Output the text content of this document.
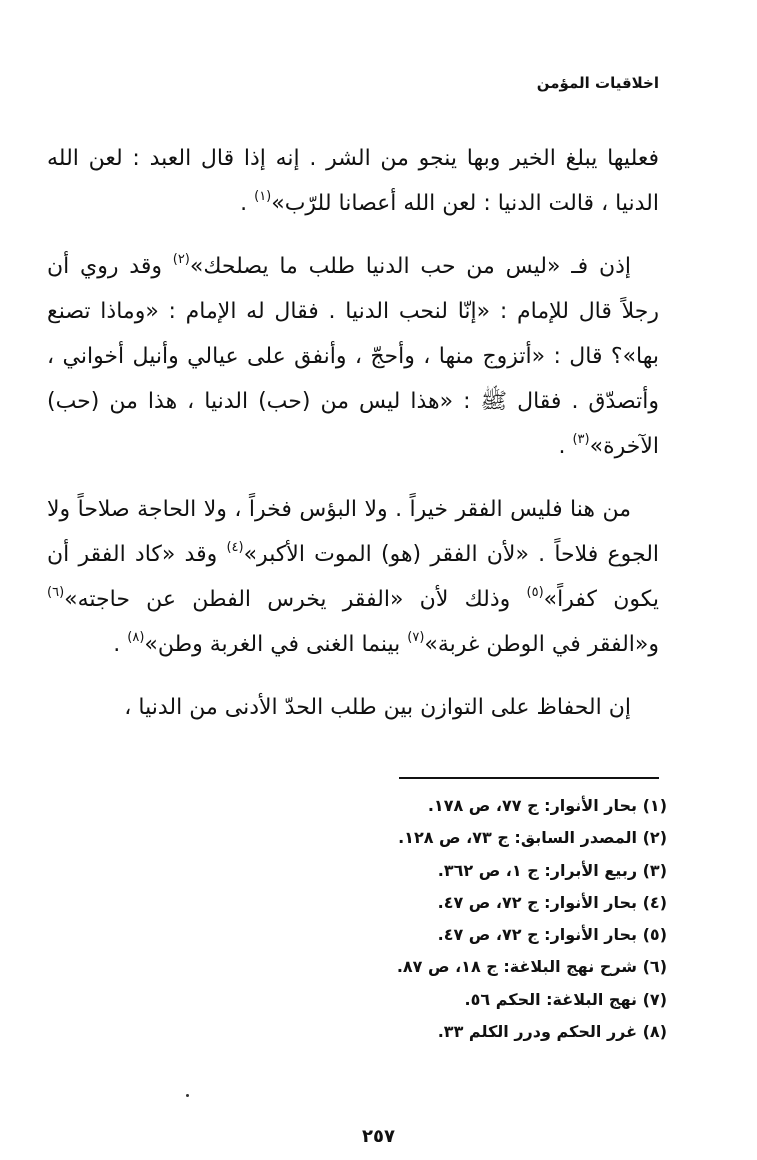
اخلاقيات المؤمن

فعليها يبلغ الخير وبها ينجو من الشر . إنه إذا قال العبد : لعن الله الدنيا ، قالت الدنيا : لعن الله أعصانا للرّب»$^{(١)}$ .

إذن فـ «ليس من حب الدنيا طلب ما يصلحك»$^{(٢)}$ وقد روي أن رجلاً قال للإمام : «إنّا لنحب الدنيا . فقال له الإمام : «وماذا تصنع بها»؟ قال : «أتزوج منها ، وأحجّ ، وأنفق على عيالي وأنيل أخواني ، وأتصدّق . فقال ﷺ : «هذا ليس من (حب) الدنيا ، هذا من (حب) الآخرة»$^{(٣)}$ .

من هنا فليس الفقر خيراً . ولا البؤس فخراً ، ولا الحاجة صلاحاً ولا الجوع فلاحاً . «لأن الفقر (هو) الموت الأكبر»$^{(٤)}$ وقد «كاد الفقر أن يكون كفراً»$^{(٥)}$ وذلك لأن «الفقر يخرس الفطن عن حاجته»$^{(٦)}$ و«الفقر في الوطن غربة»$^{(٧)}$ بينما الغنى في الغربة وطن»$^{(٨)}$ .

إن الحفاظ على التوازن بين طلب الحدّ الأدنى من الدنيا ،

(١) بحار الأنوار: ج ٧٧، ص ١٧٨.
(٢) المصدر السابق: ج ٧٣، ص ١٢٨.
(٣) ربيع الأبرار: ج ١، ص ٣٦٢.
(٤) بحار الأنوار: ج ٧٢، ص ٤٧.
(٥) بحار الأنوار: ج ٧٢، ص ٤٧.
(٦) شرح نهج البلاغة: ج ١٨، ص ٨٧.
(٧) نهج البلاغة: الحكم ٥٦.
(٨) غرر الحكم ودرر الكلم ٣٣.
٢٥٧
